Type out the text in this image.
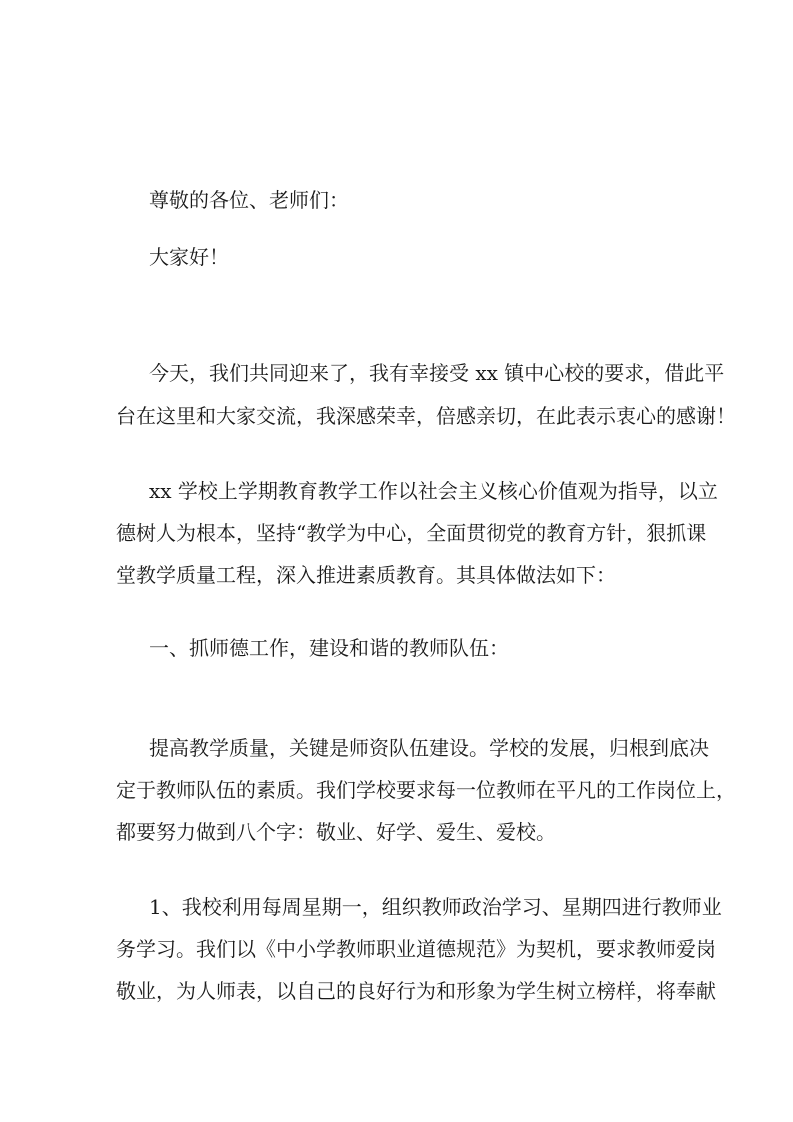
尊敬的各位、老师们：
大家好！
今天，我们共同迎来了，我有幸接受 xx 镇中心校的要求，借此平
台在这里和大家交流，我深感荣幸，倍感亲切，在此表示衷心的感谢！
xx 学校上学期教育教学工作以社会主义核心价值观为指导，以立
德树人为根本，坚持“教学为中心，全面贯彻党的教育方针，狠抓课
堂教学质量工程，深入推进素质教育。其具体做法如下：
一、抓师德工作，建设和谐的教师队伍：
提高教学质量，关键是师资队伍建设。学校的发展，归根到底决
定于教师队伍的素质。我们学校要求每一位教师在平凡的工作岗位上，
都要努力做到八个字：敬业、好学、爱生、爱校。
1、我校利用每周星期一，组织教师政治学习、星期四进行教师业
务学习。我们以《中小学教师职业道德规范》为契机，要求教师爱岗
敬业，为人师表，以自己的良好行为和形象为学生树立榜样，将奉献
